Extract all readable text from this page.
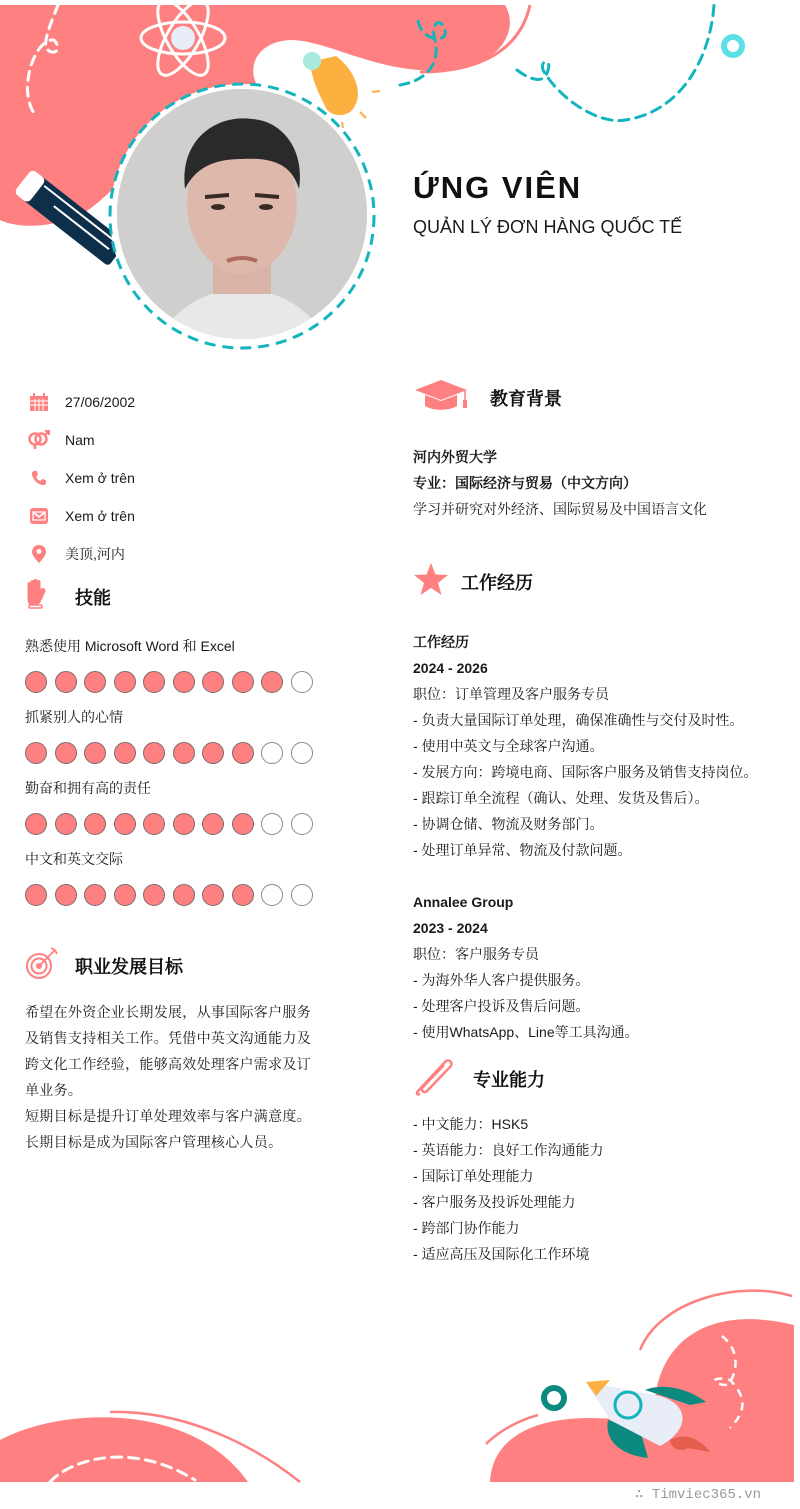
ỨNG VIÊN
QUẢN LÝ ĐƠN HÀNG QUỐC TẾ
27/06/2002
Nam
Xem ở trên
Xem ở trên
美顶,河内
技能
熟悉使用 Microsoft Word 和 Excel
抓紧别人的心情
勤奋和拥有高的责任
中文和英文交际
职业发展目标
希望在外资企业长期发展，从事国际客户服务
及销售支持相关工作。凭借中英文沟通能力及
跨文化工作经验，能够高效处理客户需求及订
单业务。
短期目标是提升订单处理效率与客户满意度。
长期目标是成为国际客户管理核心人员。
教育背景
河内外贸大学
专业：国际经济与贸易（中文方向）
学习并研究对外经济、国际贸易及中国语言文化
工作经历
工作经历
2024 - 2026
职位：订单管理及客户服务专员
- 负责大量国际订单处理，确保准确性与交付及时性。
- 使用中英文与全球客户沟通。
- 发展方向：跨境电商、国际客户服务及销售支持岗位。
- 跟踪订单全流程（确认、处理、发货及售后）。
- 协调仓储、物流及财务部门。
- 处理订单异常、物流及付款问题。
Annalee Group
2023 - 2024
职位：客户服务专员
- 为海外华人客户提供服务。
- 处理客户投诉及售后问题。
- 使用WhatsApp、Line等工具沟通。
专业能力
- 中文能力：HSK5
- 英语能力：良好工作沟通能力
- 国际订单处理能力
- 客户服务及投诉处理能力
- 跨部门协作能力
- 适应高压及国际化工作环境
∴ Timviec365.vn
